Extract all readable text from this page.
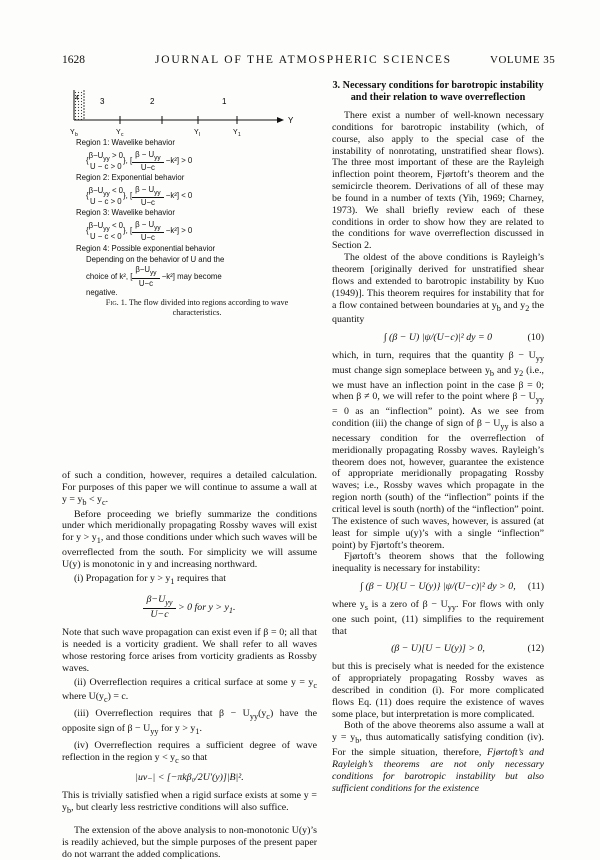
1628	JOURNAL OF THE ATMOSPHERIC SCIENCES	VOLUME 35
4	3	2	1
Y
Y b	Y c	Y I	Y 1
Region 1: Wavelike behavior
{
$\beta-U_{yy} > 0$
U − c > 0
}, [ $\frac{\beta - U_{yy}}{U-c} -k^2] > 0$
Region 2: Exponential behavior
{
$\beta-U_{yy} < 0$
U − c > 0
}, [ $\frac{\beta - U_{yy}}{U-c} -k^2] < 0$
Region 3: Wavelike behavior
{
$\beta-U_{yy} < 0$
U − c < 0
}, [ $\frac{\beta - U_{yy}}{U-c} -k^2] > 0$
Region 4: Possible exponential behavior
Depending on the behavior of U and the
choice of k², [ $\frac{\beta-U_{yy}}{U-c} -k^2$] may become
negative.
Fig. 1. The flow divided into regions according to wave characteristics.

of such a condition, however, requires a detailed calculation. For purposes of this paper we will continue to assume a wall at $y = y_b < y_c$.

Before proceeding we briefly summarize the conditions under which meridionally propagating Rossby waves will exist for $y > y_1$, and those conditions under which such waves will be overreflected from the south. For simplicity we will assume U(y) is monotonic in y and increasing northward.

(i) Propagation for $y > y_1$ requires that

$\frac{\beta-U_{yy}}{U-c} > 0$ for $y > y_1$.

Note that such wave propagation can exist even if β = 0; all that is needed is a vorticity gradient. We shall refer to all waves whose restoring force arises from vorticity gradients as Rossby waves.

(ii) Overreflection requires a critical surface at some $y = y_c$ where $U(y_c) = c$.

(iii) Overreflection requires that $\beta - U_{yy}(y_c)$ have the opposite sign of $\beta - U_{yy}$ for $y > y_1$.

(iv) Overreflection requires a sufficient degree of wave reflection in the region $y < y_c$ so that

|uv₋| < [−πkβ₀/2U′(y)]|B|².

This is trivially satisfied when a rigid surface exists at some $y = y_b$, but clearly less restrictive conditions will also suffice.

The extension of the above analysis to non-monotonic U(y)’s is readily achieved, but the simple purposes of the present paper do not warrant the added complications.

3. Necessary conditions for barotropic instability and their relation to wave overreflection

There exist a number of well-known necessary conditions for barotropic instability (which, of course, also apply to the special case of the instability of nonrotating, unstratified shear flows). The three most important of these are the Rayleigh inflection point theorem, Fjørtoft’s theorem and the semicircle theorem. Derivations of all of these may be found in a number of texts (Yih, 1969; Charney, 1973). We shall briefly review each of these conditions in order to show how they are related to the conditions for wave overreflection discussed in Section 2.

The oldest of the above conditions is Rayleigh’s theorem [originally derived for unstratified shear flows and extended to barotropic instability by Kuo (1949)]. This theorem requires for instability that for a flow contained between boundaries at $y_b$ and $y_2$ the quantity

∫ (β − U) |ψ/(U−c)|² dy = 0	(10)

which, in turn, requires that the quantity $\beta - U_{yy}$ must change sign someplace between $y_b$ and $y_2$ (i.e., we must have an inflection point in the case β = 0; when β ≠ 0, we will refer to the point where $\beta - U_{yy} = 0$ as an “inflection” point). As we see from condition (iii) the change of sign of $\beta - U_{yy}$ is also a necessary condition for the overreflection of meridionally propagating Rossby waves. Rayleigh’s theorem does not, however, guarantee the existence of appropriate meridionally propagating Rossby waves; i.e., Rossby waves which propagate in the region north (south) of the “inflection” points if the critical level is south (north) of the “inflection” point. The existence of such waves, however, is assured (at least for simple u(y)’s with a single “inflection” point) by Fjørtoft’s theorem.

Fjørtoft’s theorem shows that the following inequality is necessary for instability:

∫ (β − U){U − U(y)} |ψ/(U−c)|² dy > 0, (11)

where $y_s$ is a zero of $\beta - U_{yy}$. For flows with only one such point, (11) simplifies to the requirement that

(β − U)[U − U(y)] > 0,	(12)

but this is precisely what is needed for the existence of appropriately propagating Rossby waves as described in condition (i). For more complicated flows Eq. (11) does require the existence of waves some place, but interpretation is more complicated.

Both of the above theorems also assume a wall at $y = y_b$, thus automatically satisfying condition (iv). For the simple situation, therefore, Fjørtoft’s and Rayleigh’s theorems are not only necessary conditions for barotropic instability but also sufficient conditions for the existence
